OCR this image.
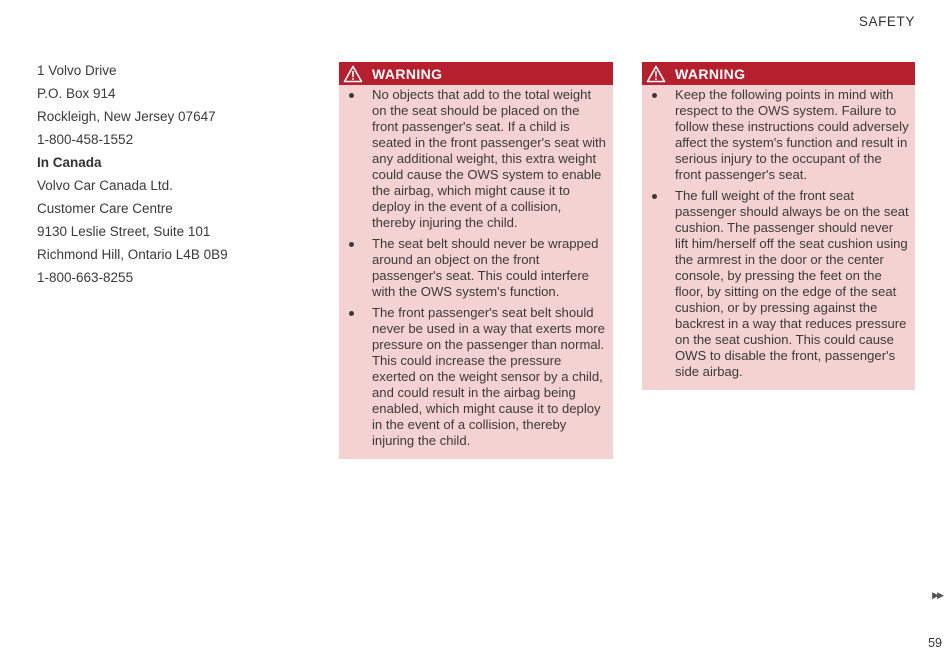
SAFETY
1 Volvo Drive
P.O. Box 914
Rockleigh, New Jersey 07647
1-800-458-1552
In Canada
Volvo Car Canada Ltd.
Customer Care Centre
9130 Leslie Street, Suite 101
Richmond Hill, Ontario L4B 0B9
1-800-663-8255
WARNING
No objects that add to the total weight on the seat should be placed on the front passenger's seat. If a child is seated in the front passenger's seat with any additional weight, this extra weight could cause the OWS system to enable the airbag, which might cause it to deploy in the event of a collision, thereby injuring the child.
The seat belt should never be wrapped around an object on the front passenger's seat. This could interfere with the OWS system's function.
The front passenger's seat belt should never be used in a way that exerts more pressure on the passenger than normal. This could increase the pressure exerted on the weight sensor by a child, and could result in the airbag being enabled, which might cause it to deploy in the event of a collision, thereby injuring the child.
WARNING
Keep the following points in mind with respect to the OWS system. Failure to follow these instructions could adversely affect the system's function and result in serious injury to the occupant of the front passenger's seat.
The full weight of the front seat passenger should always be on the seat cushion. The passenger should never lift him/herself off the seat cushion using the armrest in the door or the center console, by pressing the feet on the floor, by sitting on the edge of the seat cushion, or by pressing against the backrest in a way that reduces pressure on the seat cushion. This could cause OWS to disable the front, passenger's side airbag.
▶▶
59
